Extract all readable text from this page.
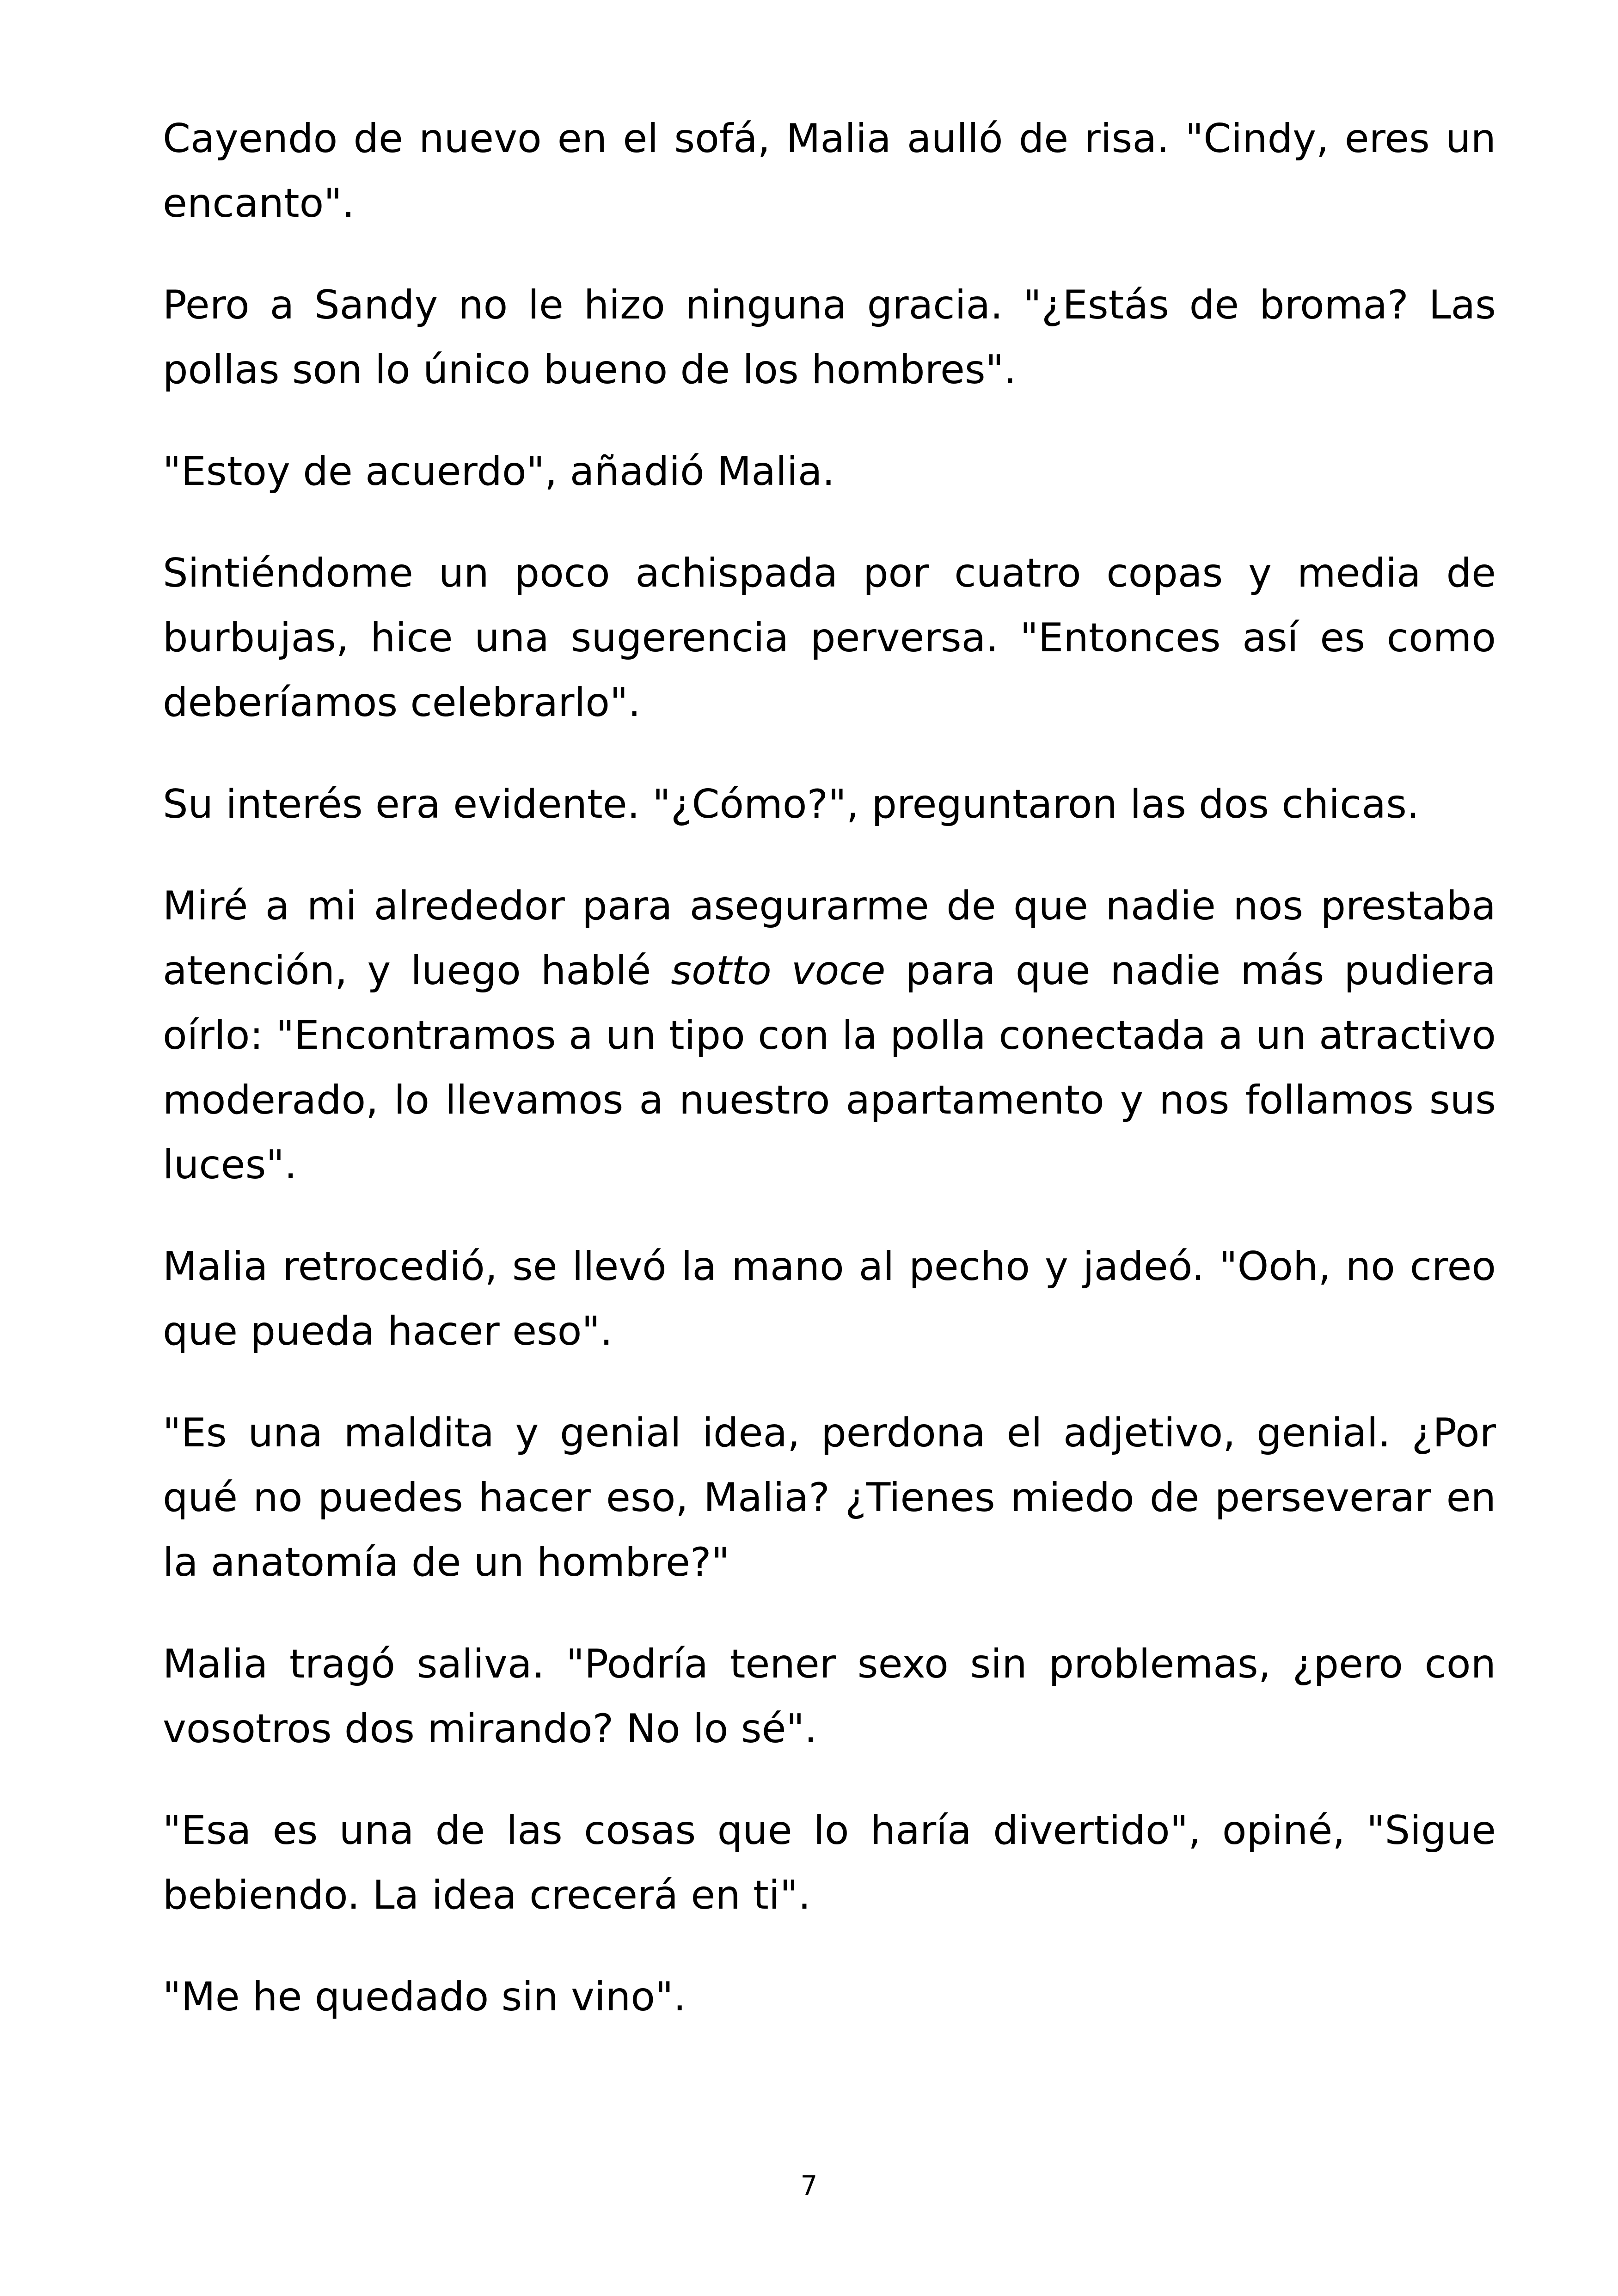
Cayendo de nuevo en el sofá, Malia aulló de risa. "Cindy, eres un encanto".

Pero a Sandy no le hizo ninguna gracia. "¿Estás de broma? Las pollas son lo único bueno de los hombres".

"Estoy de acuerdo", añadió Malia.

Sintiéndome un poco achispada por cuatro copas y media de burbujas, hice una sugerencia perversa. "Entonces así es como deberíamos celebrarlo".

Su interés era evidente. "¿Cómo?", preguntaron las dos chicas.

Miré a mi alrededor para asegurarme de que nadie nos prestaba atención, y luego hablé sotto voce para que nadie más pudiera oírlo: "Encontramos a un tipo con la polla conectada a un atractivo moderado, lo llevamos a nuestro apartamento y nos follamos sus luces".

Malia retrocedió, se llevó la mano al pecho y jadeó. "Ooh, no creo que pueda hacer eso".

"Es una maldita y genial idea, perdona el adjetivo, genial. ¿Por qué no puedes hacer eso, Malia? ¿Tienes miedo de perseverar en la anatomía de un hombre?"

Malia tragó saliva. "Podría tener sexo sin problemas, ¿pero con vosotros dos mirando? No lo sé".

"Esa es una de las cosas que lo haría divertido", opiné, "Sigue bebiendo. La idea crecerá en ti".

"Me he quedado sin vino".

7
